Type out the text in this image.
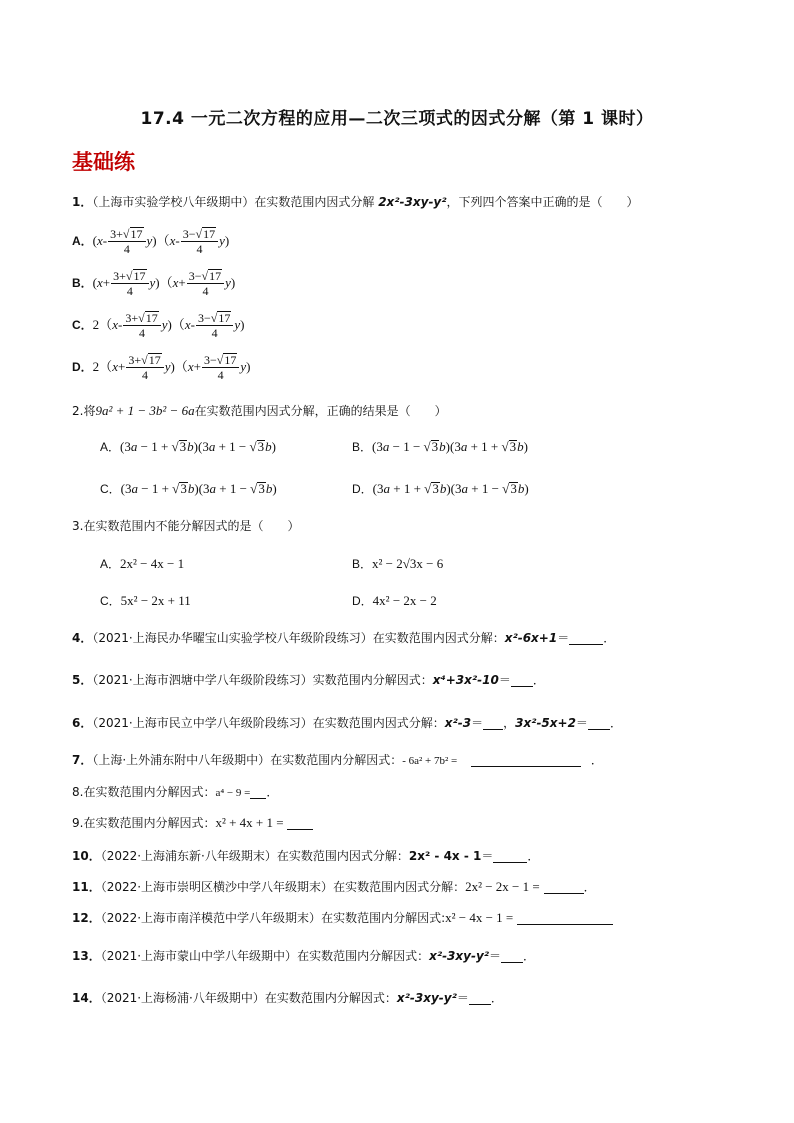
17.4 一元二次方程的应用—二次三项式的因式分解（第 1 课时）
基础练
1．（上海市实验学校八年级期中）在实数范围内因式分解 2x²-3xy-y²，下列四个答案中正确的是（　　）
A．$(x- \frac{3+√17}{4} y)(x- \frac{3-√17}{4} y)$
B．$(x+ \frac{3+√17}{4} y)(x+ \frac{3-√17}{4} y)$
C．$2(x- \frac{3+√17}{4} y)(x- \frac{3-√17}{4} y)$
D．$2(x+ \frac{3+√17}{4} y)(x+ \frac{3-√17}{4} y)$
2.将9a² + 1 − 3b² − 6a在实数范围内因式分解，正确的结果是（　　）
A．(3a − 1 + √3b)(3a + 1 − √3b)	B．(3a − 1 − √3b)(3a + 1 + √3b)
C．(3a − 1 + √3b)(3a + 1 − √3b)	D．(3a + 1 + √3b)(3a + 1 − √3b)
3.在实数范围内不能分解因式的是（　　）
A．2x² − 4x − 1	B．x² − 2√3x − 6
C．5x² − 2x + 11	D．4x² − 2x − 2
4．（2021·上海民办华曜宝山实验学校八年级阶段练习）在实数范围内因式分解：x²-6x+1＝	．
5．（2021·上海市泗塘中学八年级阶段练习）实数范围内分解因式：x⁴+3x²-10＝ ．
6．（2021·上海市民立中学八年级阶段练习）在实数范围内因式分解：x²-3＝ ，3x²-5x+2＝ ．
7．（上海·上外浦东附中八年级期中）在实数范围内分解因式：- 6a² + 7b² =	．
8.在实数范围内分解因式：a⁴ − 9 = ．
9.在实数范围内分解因式：x² + 4x + 1 =
10．（2022·上海浦东新·八年级期末）在实数范围内因式分解：2x² - 4x - 1＝	．
11．（2022·上海市崇明区横沙中学八年级期末）在实数范围内因式分解：2x² − 2x − 1 =	．
12．（2022·上海市南洋模范中学八年级期末）在实数范围内分解因式:x² − 4x − 1 =
13．（2021·上海市蒙山中学八年级期中）在实数范围内分解因式：x²-3xy-y²＝ ．
14．（2021·上海杨浦·八年级期中）在实数范围内分解因式：x²-3xy-y²＝ ．
